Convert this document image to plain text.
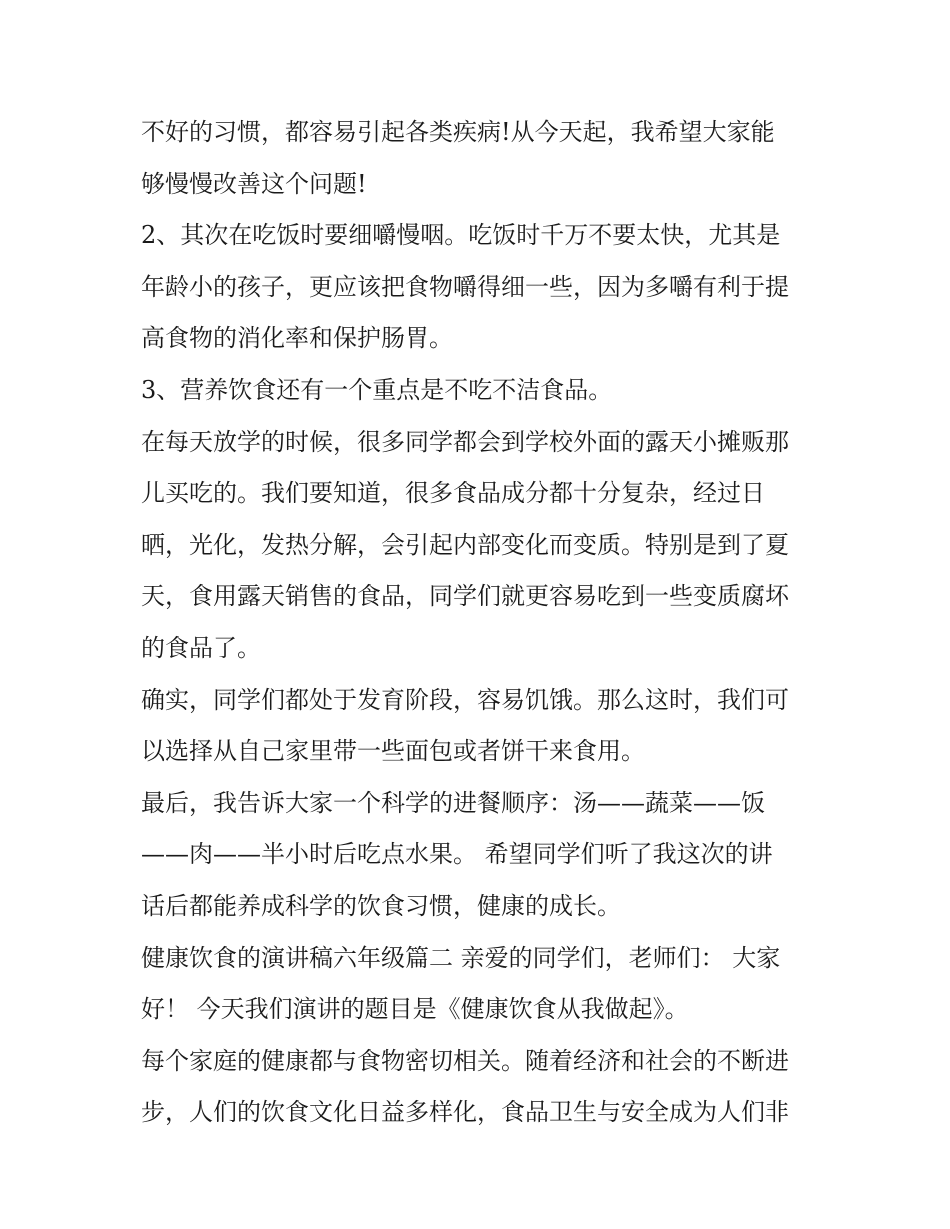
不好的习惯，都容易引起各类疾病!从今天起，我希望大家能
够慢慢改善这个问题!
2、其次在吃饭时要细嚼慢咽。吃饭时千万不要太快，尤其是
年龄小的孩子，更应该把食物嚼得细一些，因为多嚼有利于提
高食物的消化率和保护肠胃。
3、营养饮食还有一个重点是不吃不洁食品。
在每天放学的时候，很多同学都会到学校外面的露天小摊贩那
儿买吃的。我们要知道，很多食品成分都十分复杂，经过日
晒，光化，发热分解，会引起内部变化而变质。特别是到了夏
天，食用露天销售的食品，同学们就更容易吃到一些变质腐坏
的食品了。
确实，同学们都处于发育阶段，容易饥饿。那么这时，我们可
以选择从自己家里带一些面包或者饼干来食用。
最后，我告诉大家一个科学的进餐顺序：汤——蔬菜——饭
——肉——半小时后吃点水果。 希望同学们听了我这次的讲
话后都能养成科学的饮食习惯，健康的成长。
健康饮食的演讲稿六年级篇二 亲爱的同学们，老师们： 大家
好！ 今天我们演讲的题目是《健康饮食从我做起》。
每个家庭的健康都与食物密切相关。随着经济和社会的不断进
步，人们的饮食文化日益多样化，食品卫生与安全成为人们非
